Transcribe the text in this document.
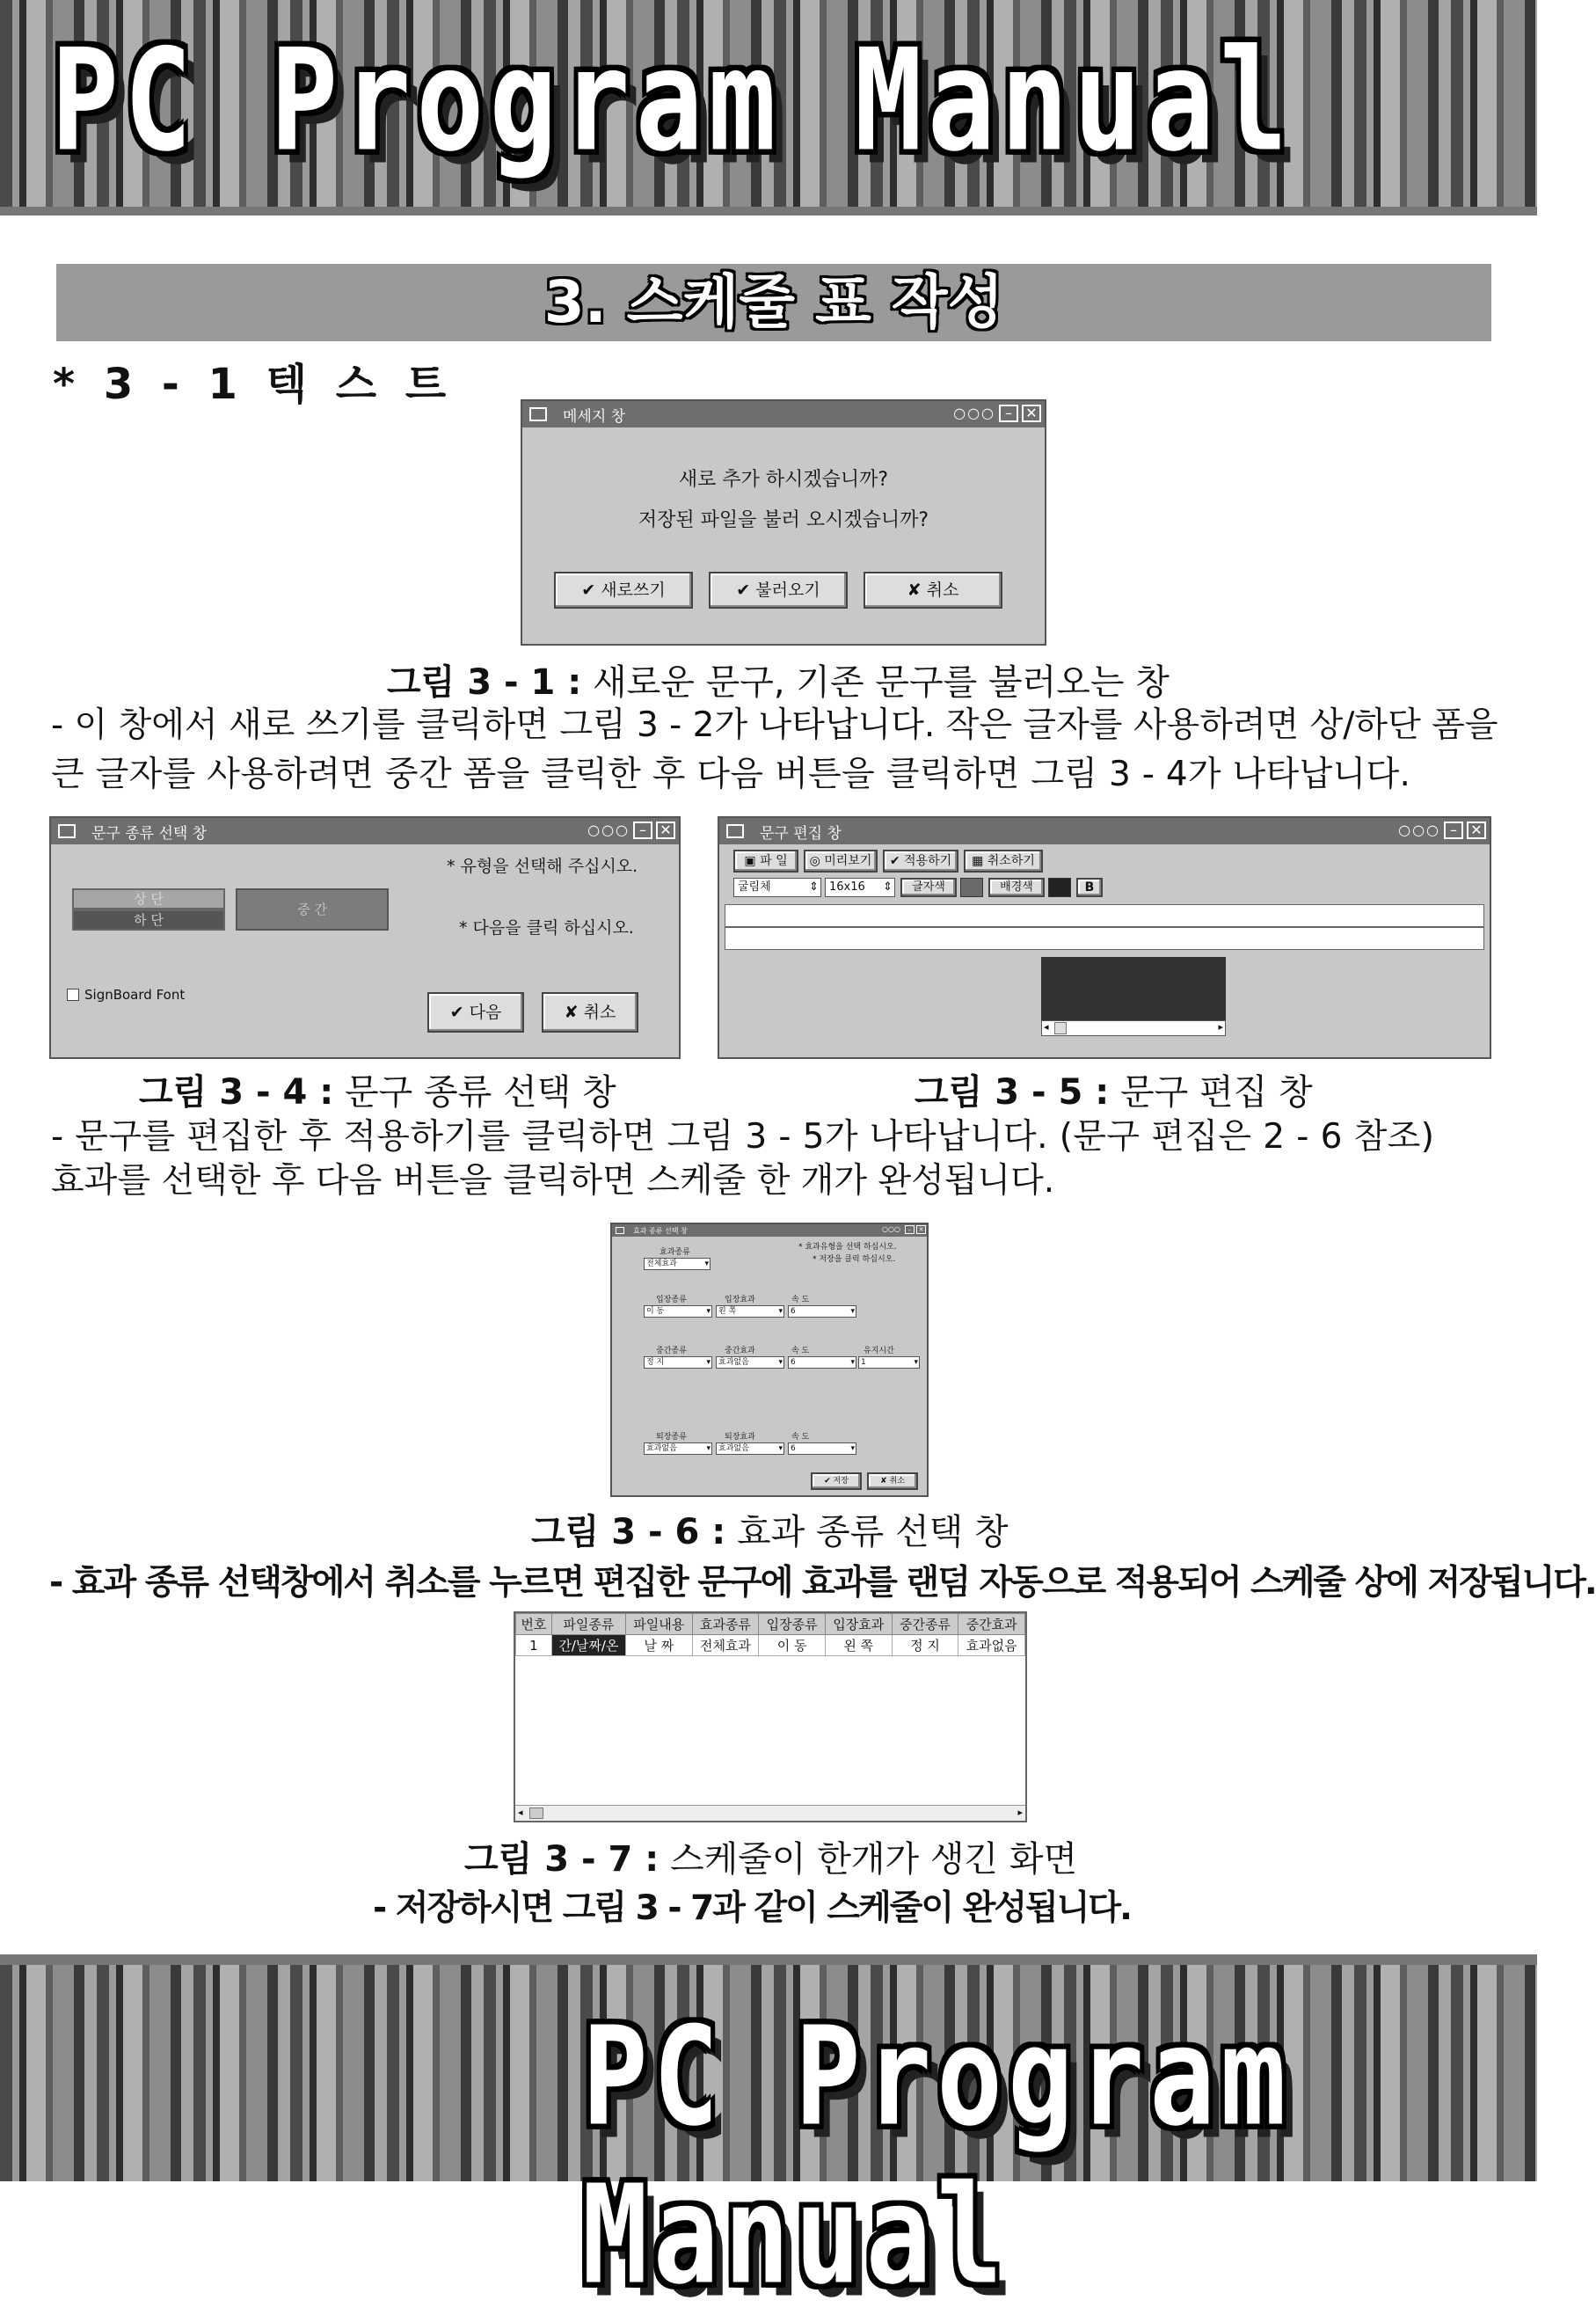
PC Program Manual
3. 스케줄 표 작성
* 3 - 1 텍 스 트
메세지 창	○○○ – ✕
새로 추가 하시겠습니까?
저장된 파일을 불러 오시겠습니까?
✔ 새로쓰기	✔ 불러오기	✘ 취소
그림 3 - 1 : 새로운 문구, 기존 문구를 불러오는 창
- 이 창에서 새로 쓰기를 클릭하면 그림 3 - 2가 나타납니다. 작은 글자를 사용하려면 상/하단 폼을
큰 글자를 사용하려면 중간 폼을 클릭한 후 다음 버튼을 클릭하면 그림 3 - 4가 나타납니다.
문구 종류 선택 창	○○○ – ✕
* 유형을 선택해 주십시오.
* 다음을 클릭 하십시오.
상 단
하 단
중 간
SignBoard Font
✔ 다음	✘ 취소
문구 편집 창	○○○ – ✕
▣ 파 일	◎ 미리보기	✔ 적용하기	▦ 취소하기
굴림체	⇕ 16x16 ⇕	글자색	배경색	B
◂	▸
그림 3 - 4 : 문구 종류 선택 창	그림 3 - 5 : 문구 편집 창
- 문구를 편집한 후 적용하기를 클릭하면 그림 3 - 5가 나타납니다. (문구 편집은 2 - 6 참조)
효과를 선택한 후 다음 버튼을 클릭하면 스케줄 한 개가 완성됩니다.
효과 종류 선택 창	○○○	–	✕
* 효과유형을 선택 하십시오.
* 저장을 클릭 하십시오.
효과종류
전체효과 ▾
입장종류	입장효과	속 도
이 동 ▾	왼 쪽 ▾	6 ▾
중간종류	중간효과	속 도	유지시간
정 지 ▾	효과없음 ▾	6 ▾	1 ▾
퇴장종류	퇴장효과	속 도
효과없음 ▾	효과없음 ▾	6 ▾
✔ 저장	✘ 취소
그림 3 - 6 : 효과 종류 선택 창
- 효과 종류 선택창에서 취소를 누르면 편집한 문구에 효과를 랜덤 자동으로 적용되어 스케줄 상에 저장됩니다.
번호	파일종류	파일내용	효과종류	입장종류	입장효과	중간종류	중간효과
1	간/날짜/온	날 짜	전체효과	이 동	왼 쪽	정 지	효과없음
◂	▸
그림 3 - 7 : 스케줄이 한개가 생긴 화면
- 저장하시면 그림 3 - 7과 같이 스케줄이 완성됩니다.
PC Program Manual
